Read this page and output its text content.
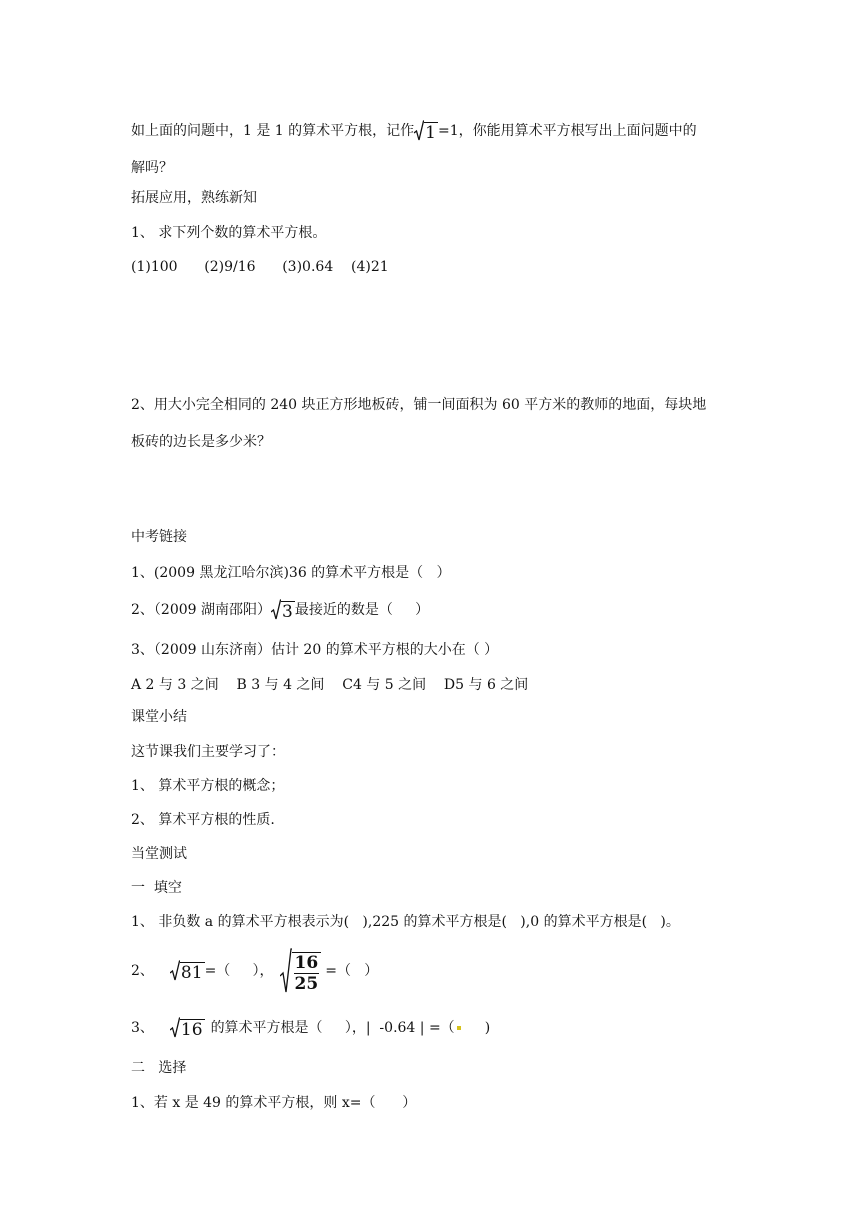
如上面的问题中，1 是 1 的算术平方根，记作 1 =1，你能用算术平方根写出上面问题中的
解吗？
拓展应用，熟练新知
1、 求下列个数的算术平方根。
(1)100      (2)9/16      (3)0.64    (4)21
2、用大小完全相同的 240 块正方形地板砖，铺一间面积为 60 平方米的教师的地面，每块地
板砖的边长是多少米？
中考链接
1、(2009 黑龙江哈尔滨)36 的算术平方根是（   ）
2、（2009 湖南邵阳） 3 最接近的数是（     ）
3、（2009 山东济南）估计 20 的算术平方根的大小在（ ）
A 2 与 3 之间    B 3 与 4 之间    C4 与 5 之间    D5 与 6 之间
课堂小结
这节课我们主要学习了：
1、 算术平方根的概念；
2、 算术平方根的性质.
当堂测试
一  填空
1、 非负数 a 的算术平方根表示为(   ),225 的算术平方根是(   ),0 的算术平方根是(   )。
2、 81 =（     ）， $\frac{16}{25}$ =（   ）
3、 16 的算术平方根是（     ），|  -0.64 | =（ )
二   选择
1、若 x 是 49 的算术平方根，则 x=（      ）
